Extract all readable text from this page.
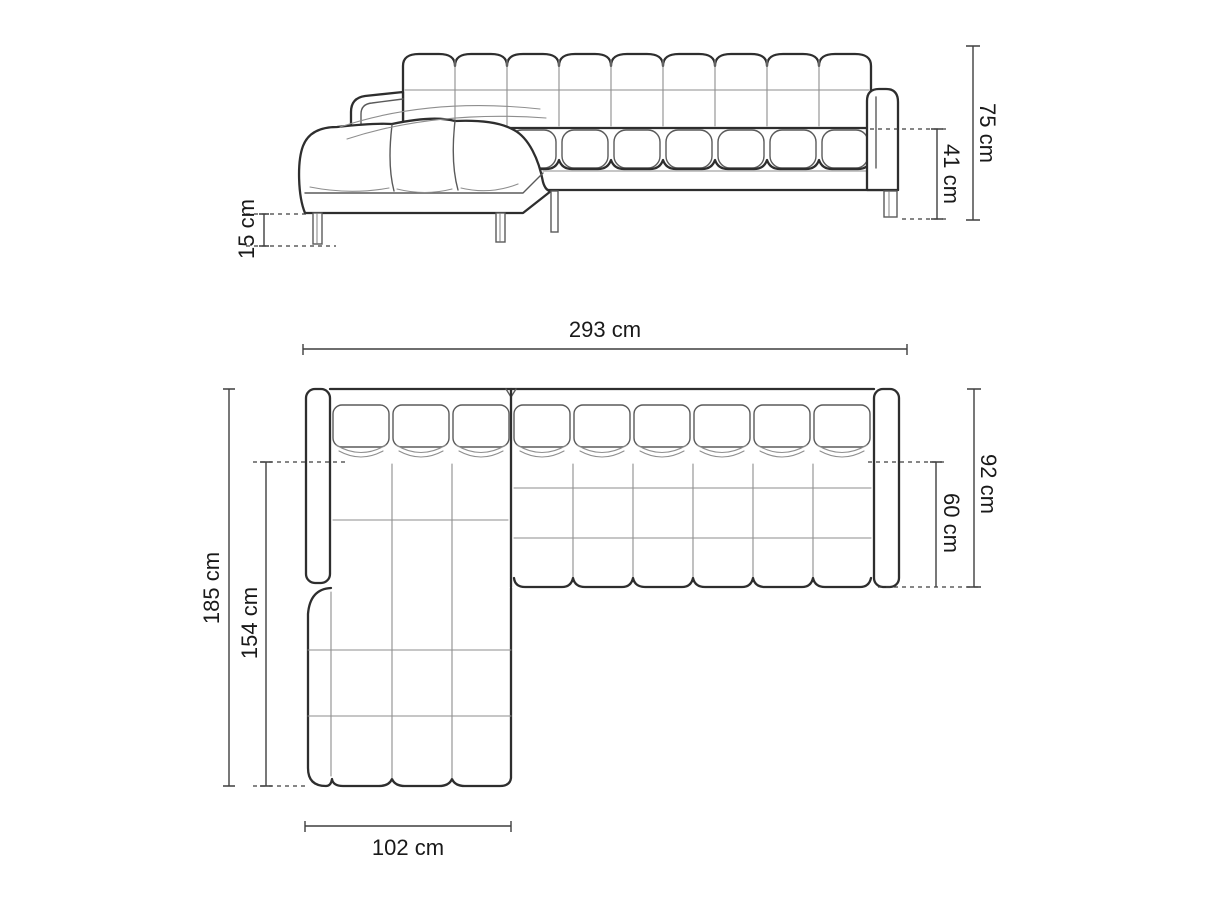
15 cm
41 cm
75 cm
293 cm
185 cm 154 cm
92 cm
60 cm
102 cm
